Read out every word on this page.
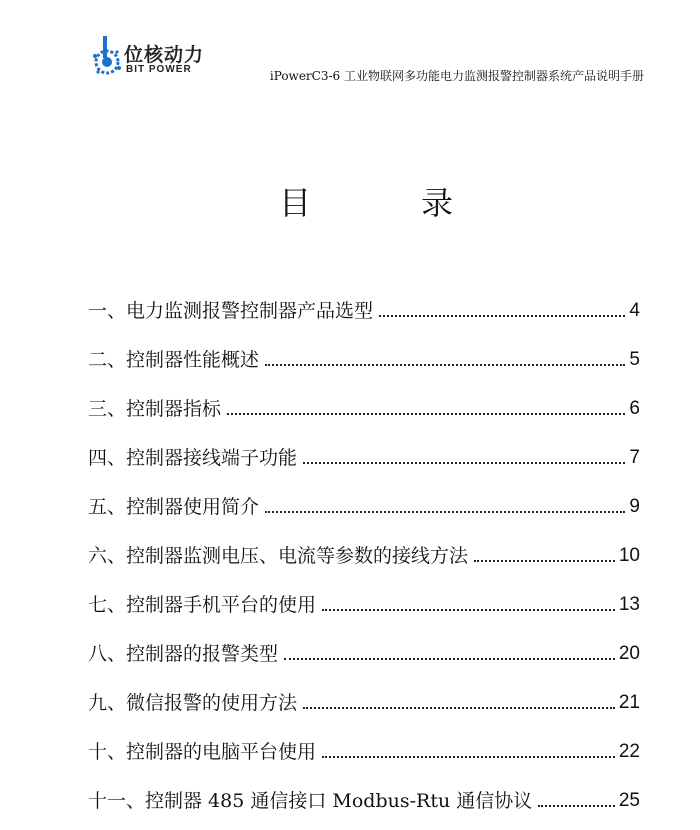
位核动力
BIT POWER	iPowerC3-6 工业物联网多功能电力监测报警控制器系统产品说明手册
目	录
一、电力监测报警控制器产品选型	4
二、控制器性能概述	5
三、控制器指标	6
四、控制器接线端子功能	7
五、控制器使用简介	9
六、控制器监测电压、电流等参数的接线方法	10
七、控制器手机平台的使用	13
八、控制器的报警类型	20
九、微信报警的使用方法	21
十、控制器的电脑平台使用	22
十一、控制器 485 通信接口 Modbus-Rtu 通信协议	25
